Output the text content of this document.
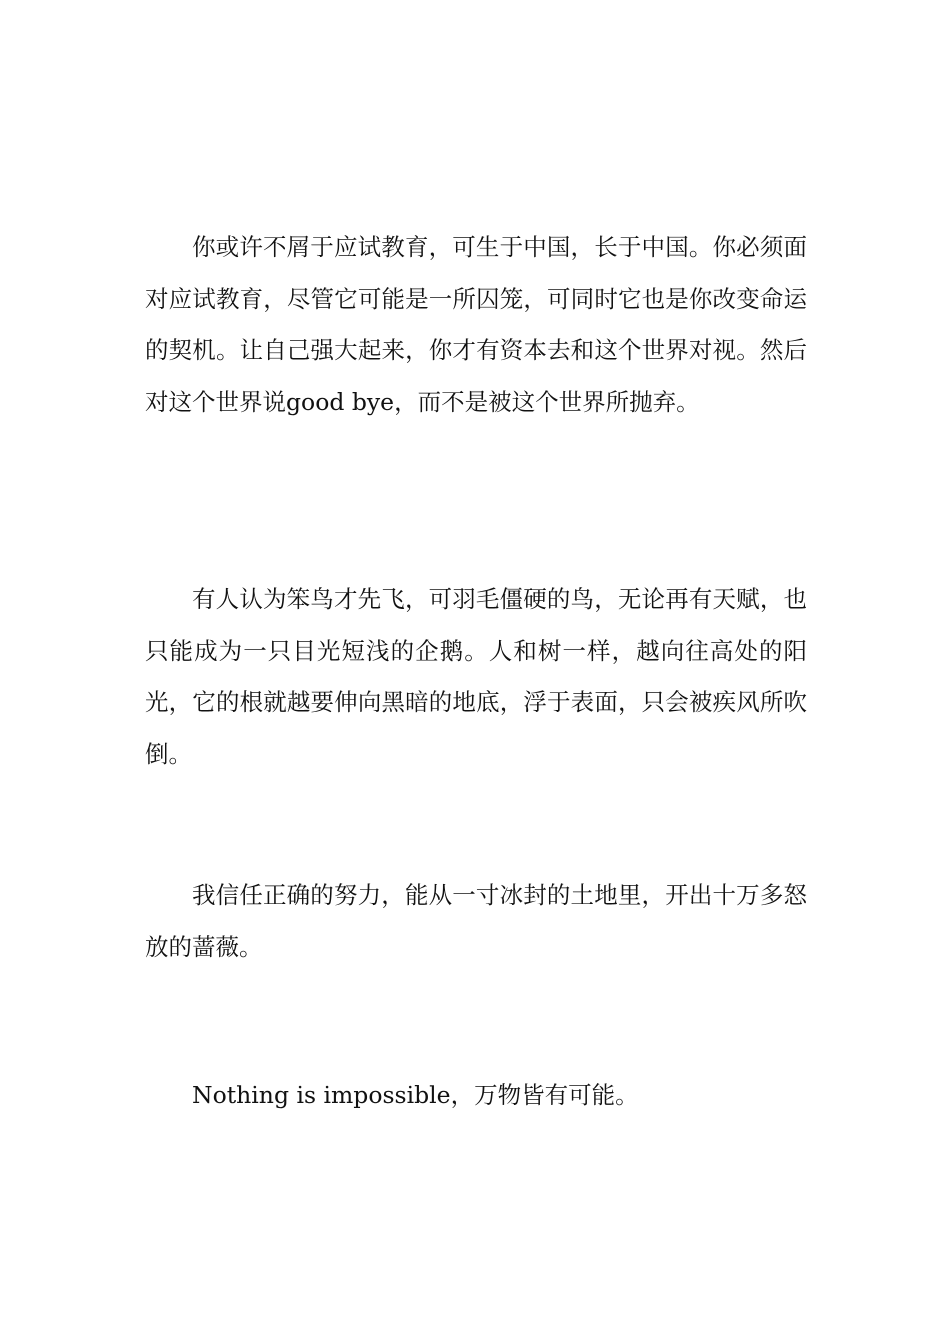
你或许不屑于应试教育，可生于中国，长于中国。你必须面对应试教育，尽管它可能是一所囚笼，可同时它也是你改变命运的契机。让自己强大起来，你才有资本去和这个世界对视。然后对这个世界说good bye，而不是被这个世界所抛弃。

有人认为笨鸟才先飞，可羽毛僵硬的鸟，无论再有天赋，也只能成为一只目光短浅的企鹅。人和树一样，越向往高处的阳光，它的根就越要伸向黑暗的地底，浮于表面，只会被疾风所吹倒。

我信任正确的努力，能从一寸冰封的土地里，开出十万多怒放的蔷薇。

Nothing is impossible，万物皆有可能。
